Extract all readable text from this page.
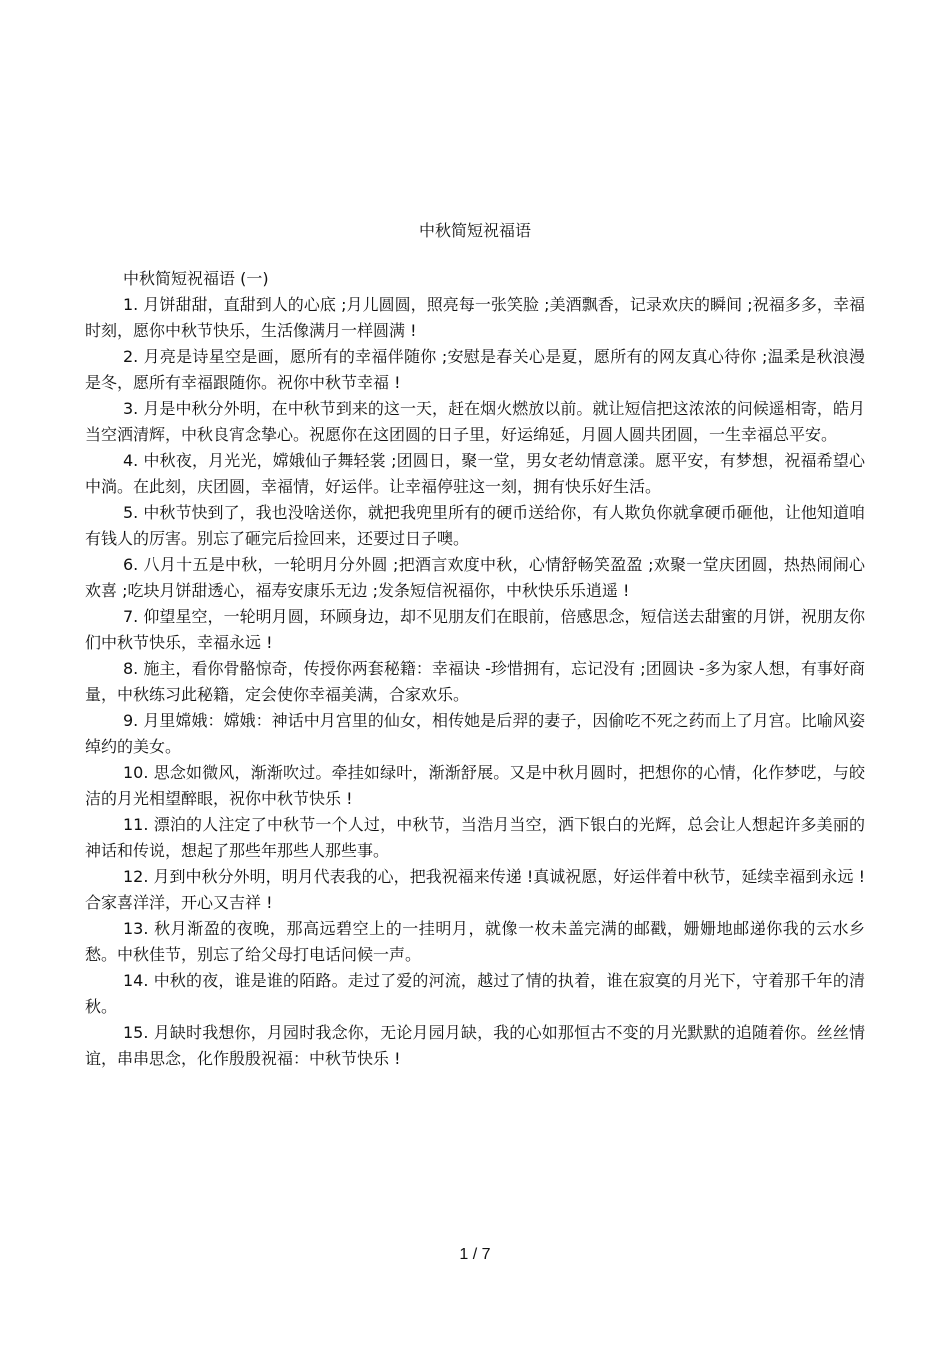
中秋简短祝福语

中秋简短祝福语 (一)

1. 月饼甜甜，直甜到人的心底 ;月儿圆圆，照亮每一张笑脸 ;美酒飘香，记录欢庆的瞬间 ;祝福多多，幸福时刻，愿你中秋节快乐，生活像满月一样圆满 !

2. 月亮是诗星空是画，愿所有的幸福伴随你 ;安慰是春关心是夏，愿所有的网友真心待你 ;温柔是秋浪漫是冬，愿所有幸福跟随你。祝你中秋节幸福 !

3. 月是中秋分外明，在中秋节到来的这一天，赶在烟火燃放以前。就让短信把这浓浓的问候遥相寄，皓月当空洒清辉，中秋良宵念挚心。祝愿你在这团圆的日子里，好运绵延，月圆人圆共团圆，一生幸福总平安。

4. 中秋夜，月光光，嫦娥仙子舞轻裳 ;团圆日，聚一堂，男女老幼情意漾。愿平安，有梦想，祝福希望心中淌。在此刻，庆团圆，幸福情，好运伴。让幸福停驻这一刻，拥有快乐好生活。

5. 中秋节快到了，我也没啥送你，就把我兜里所有的硬币送给你，有人欺负你就拿硬币砸他，让他知道咱有钱人的厉害。别忘了砸完后捡回来，还要过日子噢。

6. 八月十五是中秋，一轮明月分外圆 ;把酒言欢度中秋，心情舒畅笑盈盈 ;欢聚一堂庆团圆，热热闹闹心欢喜 ;吃块月饼甜透心，福寿安康乐无边 ;发条短信祝福你，中秋快乐乐逍遥 !

7. 仰望星空，一轮明月圆，环顾身边，却不见朋友们在眼前，倍感思念，短信送去甜蜜的月饼，祝朋友你们中秋节快乐，幸福永远 !

8. 施主，看你骨骼惊奇，传授你两套秘籍：幸福诀 -珍惜拥有，忘记没有 ;团圆诀 -多为家人想，有事好商量，中秋练习此秘籍，定会使你幸福美满，合家欢乐。

9. 月里嫦娥：嫦娥：神话中月宫里的仙女，相传她是后羿的妻子，因偷吃不死之药而上了月宫。比喻风姿绰约的美女。

10. 思念如微风，渐渐吹过。牵挂如绿叶，渐渐舒展。又是中秋月圆时，把想你的心情，化作梦呓，与皎洁的月光相望醉眼，祝你中秋节快乐 !

11. 漂泊的人注定了中秋节一个人过，中秋节，当浩月当空，洒下银白的光辉，总会让人想起许多美丽的神话和传说，想起了那些年那些人那些事。

12. 月到中秋分外明，明月代表我的心，把我祝福来传递 !真诚祝愿，好运伴着中秋节，延续幸福到永远 !合家喜洋洋，开心又吉祥 !

13. 秋月渐盈的夜晚，那高远碧空上的一挂明月，就像一枚未盖完满的邮戳，姗姗地邮递你我的云水乡愁。中秋佳节，别忘了给父母打电话问候一声。

14. 中秋的夜，谁是谁的陌路。走过了爱的河流，越过了情的执着，谁在寂寞的月光下，守着那千年的清秋。

15. 月缺时我想你，月园时我念你，无论月园月缺，我的心如那恒古不变的月光默默的追随着你。丝丝情谊，串串思念，化作殷殷祝福：中秋节快乐 !

1 / 7
